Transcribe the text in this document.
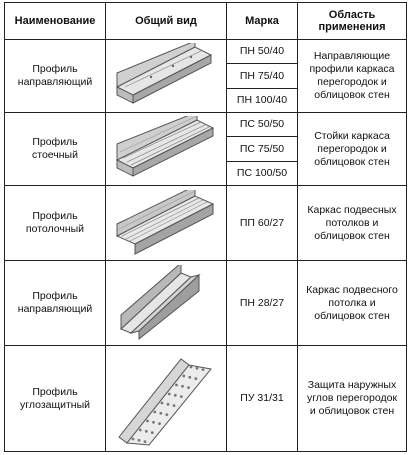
Наименование	Общий вид	Марка	Область
применения
Профиль
направляющий		ПН 50/40	Направляющие
профили каркаса
перегородок и
облицовок стен
		ПН 75/40	
		ПН 100/40	
Профиль
стоечный		ПС 50/50	Стойки каркаса
перегородок и
облицовок стен
		ПС 75/50	
		ПС 100/50	
Профиль
потолочный		ПП 60/27	Каркас подвесных
потолков и
облицовок стен
Профиль
направляющий		ПН 28/27	Каркас подвесного
потолка и
облицовок стен
Профиль
углозащитный		ПУ 31/31	Защита наружных
углов перегородок
и облицовок стен
